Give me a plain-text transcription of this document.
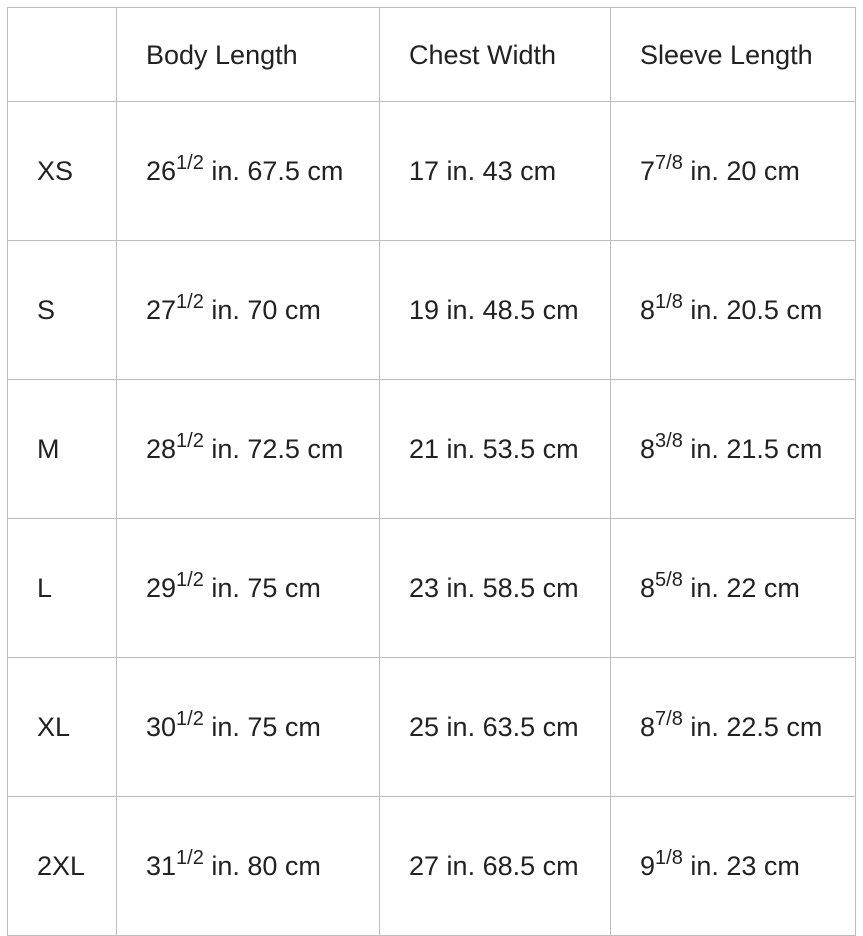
	Body Length	Chest Width	Sleeve Length
XS	$26^{1/2}$ in. 67.5 cm	17 in. 43 cm	$7^{7/8}$ in. 20 cm
S	$27^{1/2}$ in. 70 cm	19 in. 48.5 cm	$8^{1/8}$ in. 20.5 cm
M	$28^{1/2}$ in. 72.5 cm	21 in. 53.5 cm	$8^{3/8}$ in. 21.5 cm
L	$29^{1/2}$ in. 75 cm	23 in. 58.5 cm	$8^{5/8}$ in. 22 cm
XL	$30^{1/2}$ in. 75 cm	25 in. 63.5 cm	$8^{7/8}$ in. 22.5 cm
2XL	$31^{1/2}$ in. 80 cm	27 in. 68.5 cm	$9^{1/8}$ in. 23 cm
